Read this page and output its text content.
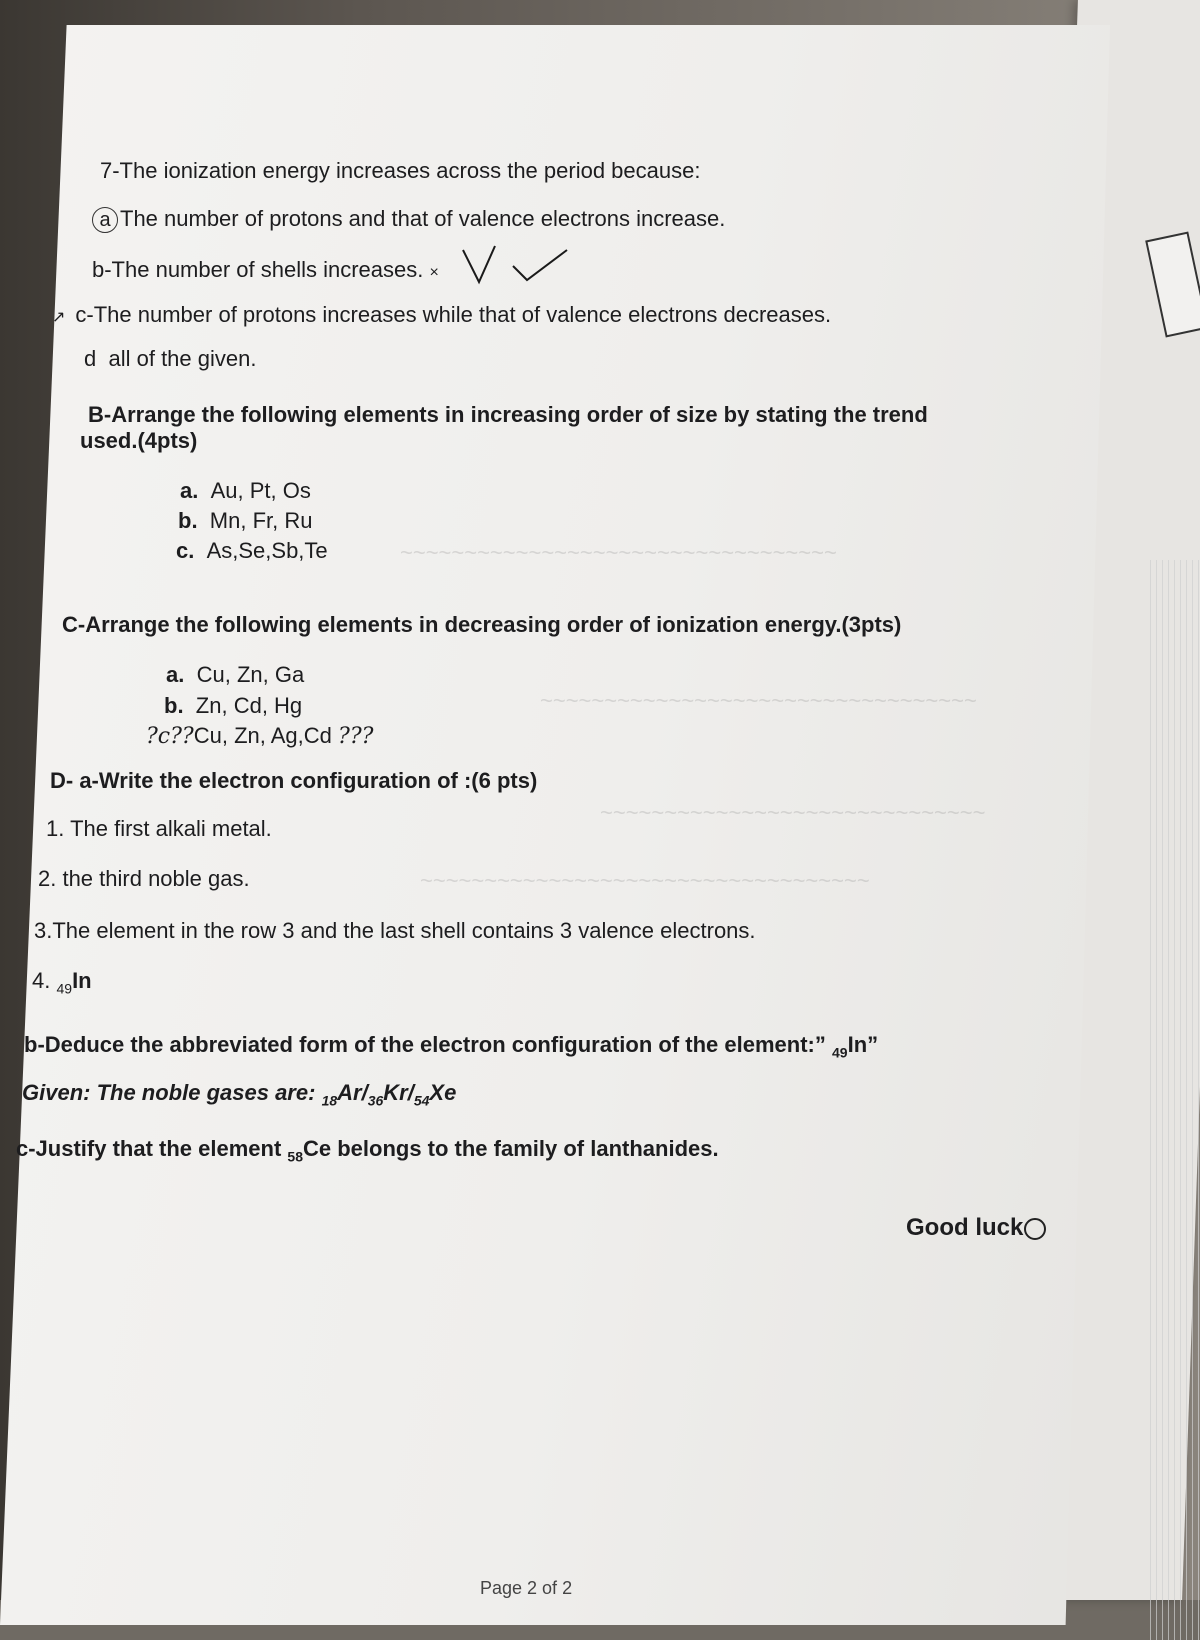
~~~~~~~~~~~~~~~~~~~~~~~~~~~~~~~~~~
~~~~~~~~~~~~~~~~~~~~~~~~~~~~~~~~~~
~~~~~~~~~~~~~~~~~~~~~~~~~~~~~~
~~~~~~~~~~~~~~~~~~~~~~~~~~~~~~~~~~~
7-The ionization energy increases across the period because:
a The number of protons and that of valence electrons increase.
b-The number of shells increases. ×
↗ c-The number of protons increases while that of valence electrons decreases.
d all of the given.
B-Arrange the following elements in increasing order of size by stating the trend
used.(4pts)
a. Au, Pt, Os
b. Mn, Fr, Ru
c. As,Se,Sb,Te
C-Arrange the following elements in decreasing order of ionization energy.(3pts)
a. Cu, Zn, Ga
b. Zn, Cd, Hg
?c??Cu, Zn, Ag,Cd ???
D- a-Write the electron configuration of :(6 pts)
1. The first alkali metal.
2. the third noble gas.
3.The element in the row 3 and the last shell contains 3 valence electrons.
4. $_{49}$In
b-Deduce the abbreviated form of the electron configuration of the element:” $_{49}$In”
Given: The noble gases are: $_{18}Ar/_{36}Kr/_{54}Xe$
c-Justify that the element $_{58}$Ce belongs to the family of lanthanides.
Good luck
Page 2 of 2
